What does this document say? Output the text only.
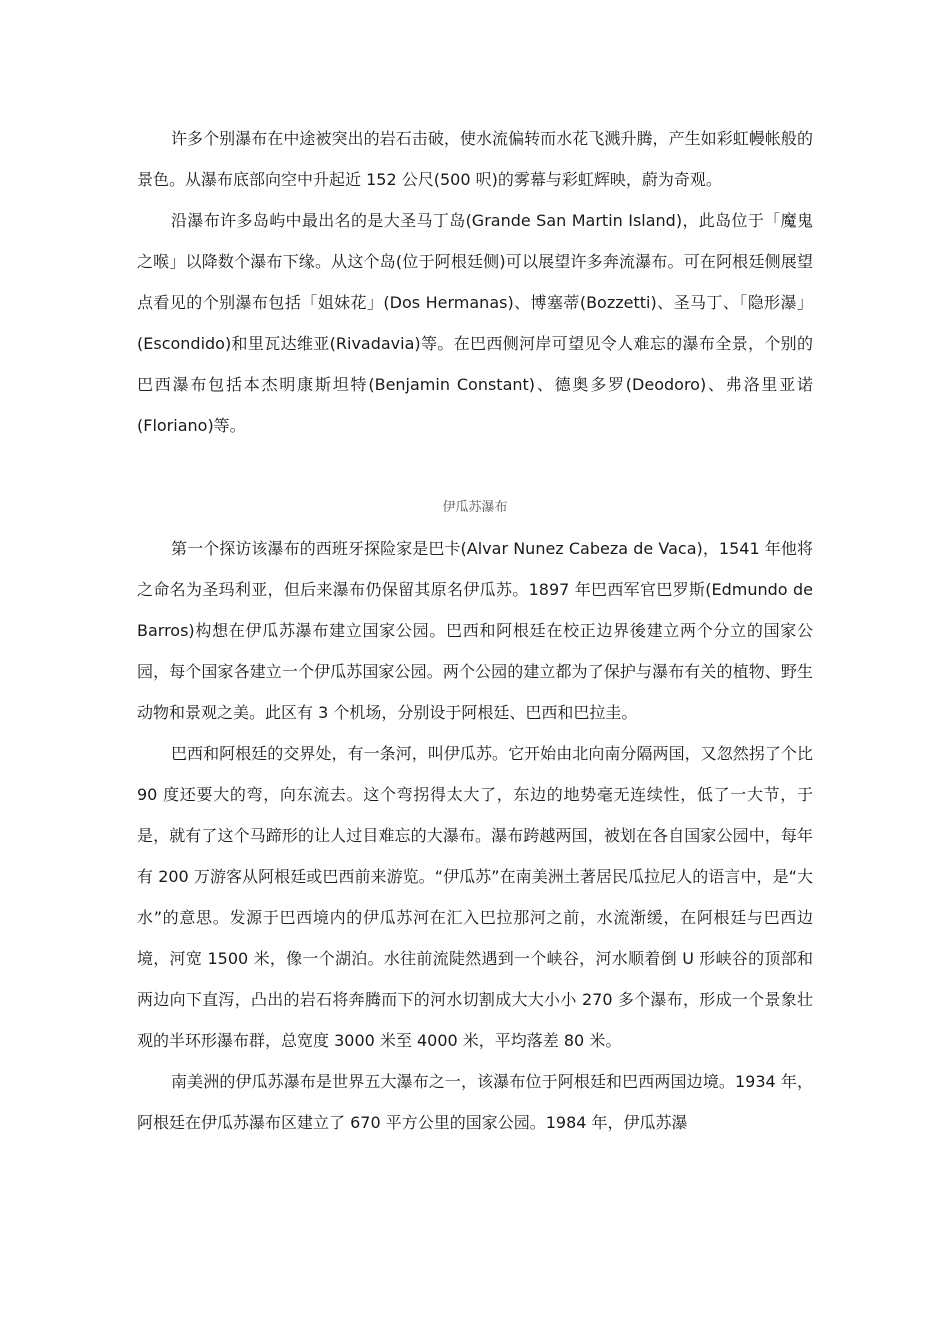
许多个别瀑布在中途被突出的岩石击破，使水流偏转而水花飞溅升腾，产生如彩虹幔帐般的景色。从瀑布底部向空中升起近 152 公尺(500 呎)的雾幕与彩虹辉映，蔚为奇观。

沿瀑布许多岛屿中最出名的是大圣马丁岛(Grande San Martin Island)，此岛位于「魔鬼之喉」以降数个瀑布下缘。从这个岛(位于阿根廷侧)可以展望许多奔流瀑布。可在阿根廷侧展望点看见的个别瀑布包括「姐妹花」(Dos Hermanas)、博塞蒂(Bozzetti)、圣马丁、「隐形瀑」(Escondido)和里瓦达维亚(Rivadavia)等。在巴西侧河岸可望见令人难忘的瀑布全景，个别的巴西瀑布包括本杰明康斯坦特(Benjamin Constant)、德奥多罗(Deodoro)、弗洛里亚诺(Floriano)等。

伊瓜苏瀑布

第一个探访该瀑布的西班牙探险家是巴卡(Alvar Nunez Cabeza de Vaca)，1541 年他将之命名为圣玛利亚，但后来瀑布仍保留其原名伊瓜苏。1897 年巴西军官巴罗斯(Edmundo de Barros)构想在伊瓜苏瀑布建立国家公园。巴西和阿根廷在校正边界後建立两个分立的国家公园，每个国家各建立一个伊瓜苏国家公园。两个公园的建立都为了保护与瀑布有关的植物、野生动物和景观之美。此区有 3 个机场，分别设于阿根廷、巴西和巴拉圭。

巴西和阿根廷的交界处，有一条河，叫伊瓜苏。它开始由北向南分隔两国，又忽然拐了个比 90 度还要大的弯，向东流去。这个弯拐得太大了，东边的地势毫无连续性，低了一大节，于是，就有了这个马蹄形的让人过目难忘的大瀑布。瀑布跨越两国，被划在各自国家公园中，每年有 200 万游客从阿根廷或巴西前来游览。“伊瓜苏”在南美洲土著居民瓜拉尼人的语言中，是“大水”的意思。发源于巴西境内的伊瓜苏河在汇入巴拉那河之前，水流渐缓，在阿根廷与巴西边境，河宽 1500 米，像一个湖泊。水往前流陡然遇到一个峡谷，河水顺着倒 U 形峡谷的顶部和两边向下直泻，凸出的岩石将奔腾而下的河水切割成大大小小 270 多个瀑布，形成一个景象壮观的半环形瀑布群，总宽度 3000 米至 4000 米，平均落差 80 米。

南美洲的伊瓜苏瀑布是世界五大瀑布之一，该瀑布位于阿根廷和巴西两国边境。1934 年，阿根廷在伊瓜苏瀑布区建立了 670 平方公里的国家公园。1984 年，伊瓜苏瀑
